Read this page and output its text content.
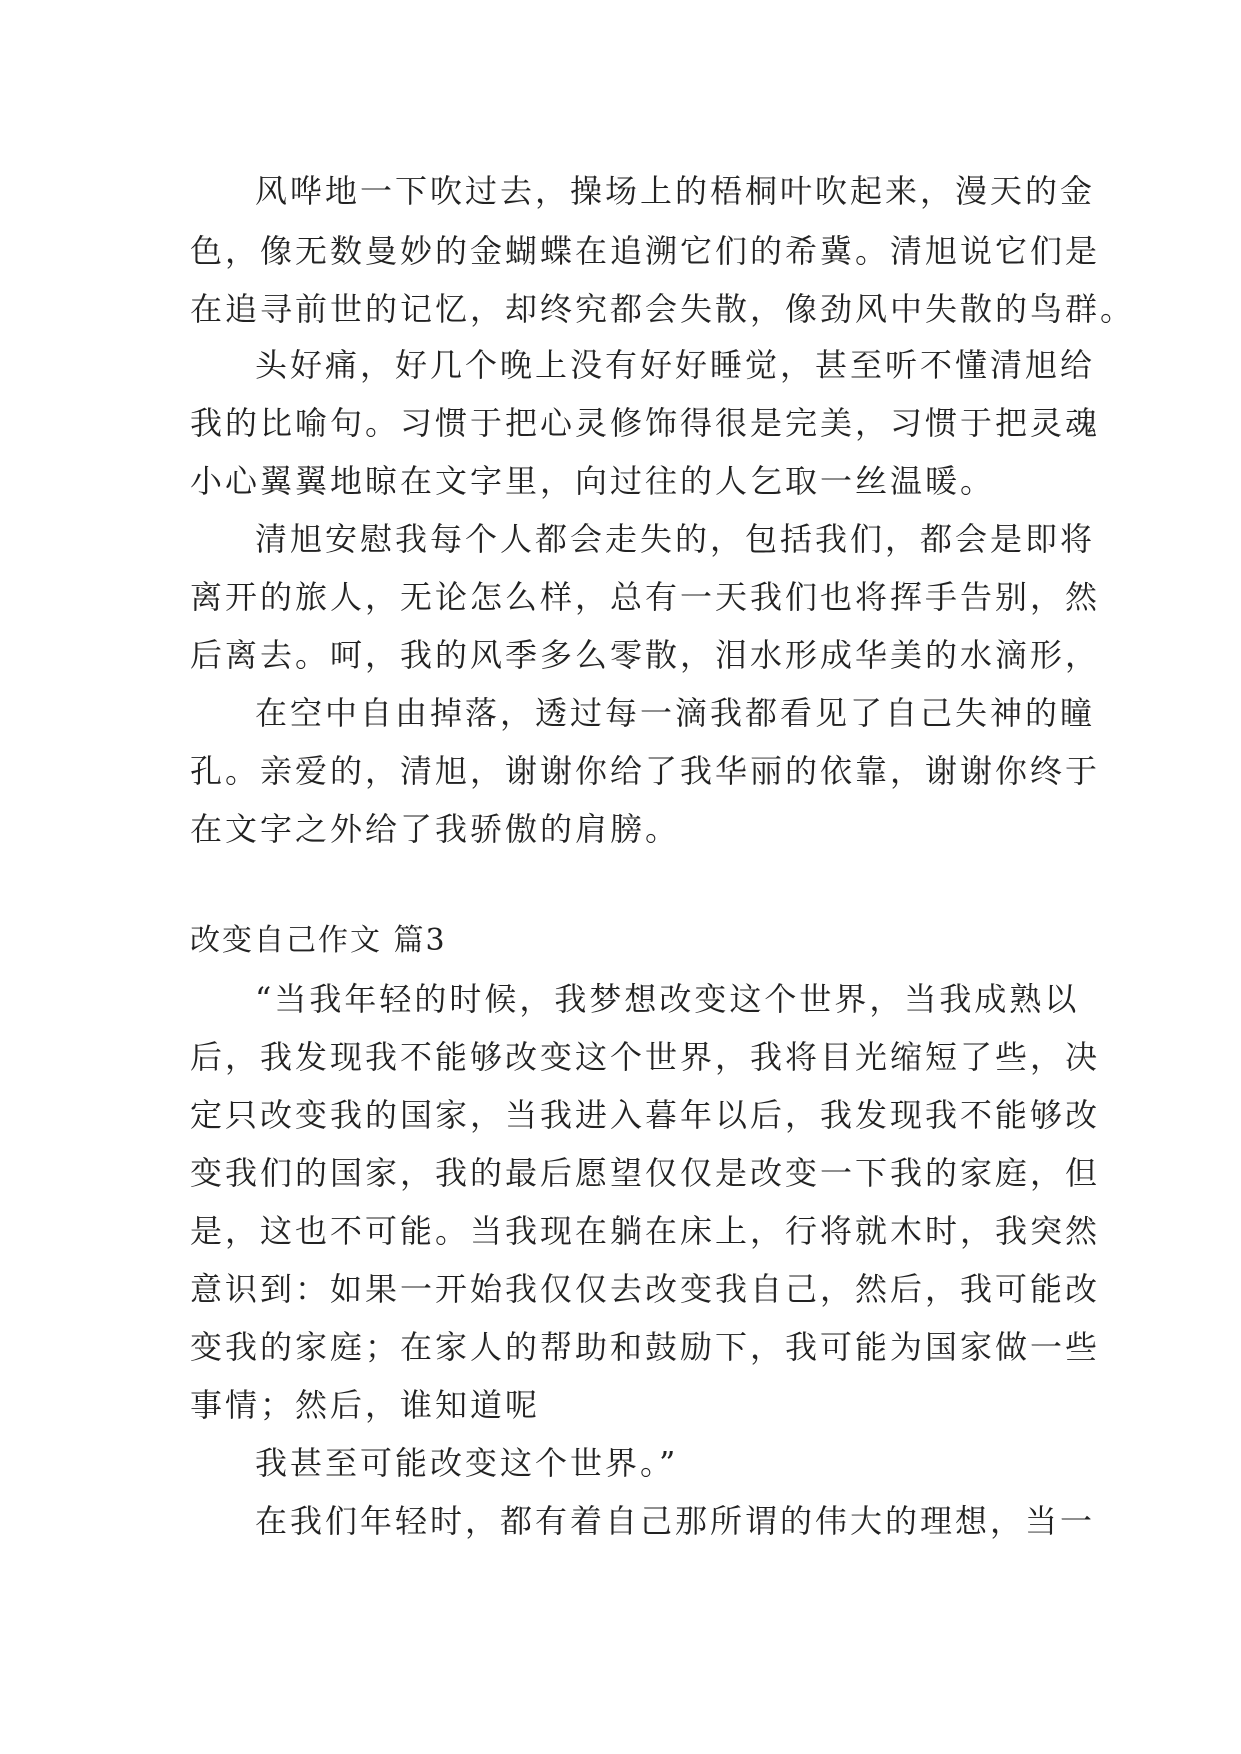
风哗地一下吹过去，操场上的梧桐叶吹起来，漫天的金
色，像无数曼妙的金蝴蝶在追溯它们的希冀。清旭说它们是
在追寻前世的记忆，却终究都会失散，像劲风中失散的鸟群。
头好痛，好几个晚上没有好好睡觉，甚至听不懂清旭给
我的比喻句。习惯于把心灵修饰得很是完美，习惯于把灵魂
小心翼翼地晾在文字里，向过往的人乞取一丝温暖。
清旭安慰我每个人都会走失的，包括我们，都会是即将
离开的旅人，无论怎么样，总有一天我们也将挥手告别，然
后离去。呵，我的风季多么零散，泪水形成华美的水滴形，
在空中自由掉落，透过每一滴我都看见了自己失神的瞳
孔。亲爱的，清旭，谢谢你给了我华丽的依靠，谢谢你终于
在文字之外给了我骄傲的肩膀。
改变自己作文 篇3
“当我年轻的时候，我梦想改变这个世界，当我成熟以
后，我发现我不能够改变这个世界，我将目光缩短了些，决
定只改变我的国家，当我进入暮年以后，我发现我不能够改
变我们的国家，我的最后愿望仅仅是改变一下我的家庭，但
是，这也不可能。当我现在躺在床上，行将就木时，我突然
意识到：如果一开始我仅仅去改变我自己，然后，我可能改
变我的家庭；在家人的帮助和鼓励下，我可能为国家做一些
事情；然后，谁知道呢
我甚至可能改变这个世界。”
在我们年轻时，都有着自己那所谓的伟大的理想，当一
